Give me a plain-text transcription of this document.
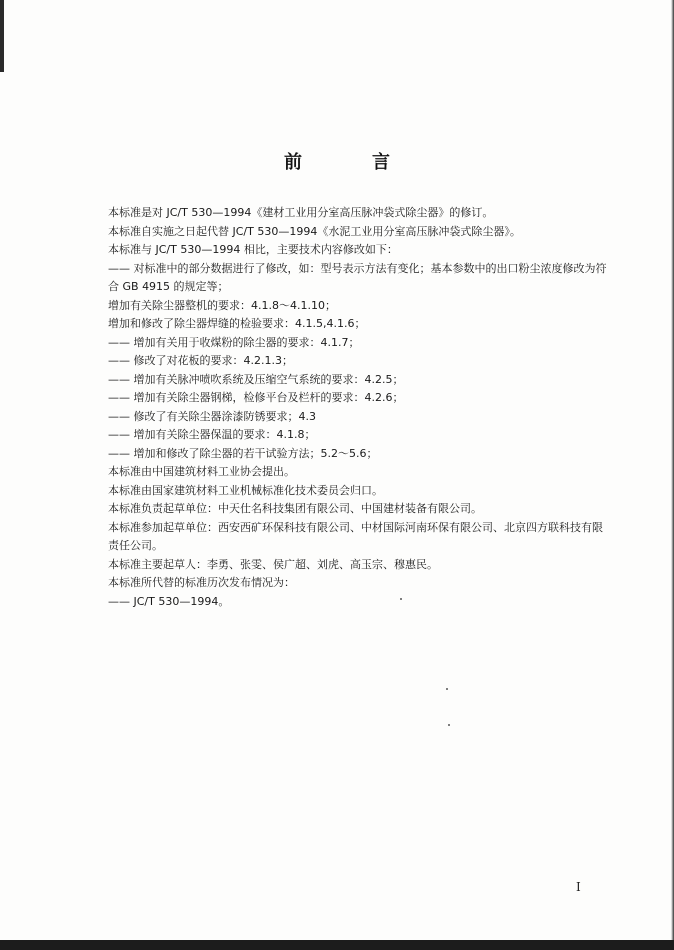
前　言

本标准是对 JC/T 530—1994《建材工业用分室高压脉冲袋式除尘器》的修订。

本标准自实施之日起代替 JC/T 530—1994《水泥工业用分室高压脉冲袋式除尘器》。

本标准与 JC/T 530—1994 相比，主要技术内容修改如下：

—— 对标准中的部分数据进行了修改，如：型号表示方法有变化；基本参数中的出口粉尘浓度修改为符合 GB 4915 的规定等；

增加有关除尘器整机的要求：4.1.8～4.1.10；

增加和修改了除尘器焊缝的检验要求：4.1.5,4.1.6；

—— 增加有关用于收煤粉的除尘器的要求：4.1.7；

—— 修改了对花板的要求：4.2.1.3；

—— 增加有关脉冲喷吹系统及压缩空气系统的要求：4.2.5；

—— 增加有关除尘器钢梯，检修平台及栏杆的要求：4.2.6；

—— 修改了有关除尘器涂漆防锈要求；4.3

—— 增加有关除尘器保温的要求：4.1.8；

—— 增加和修改了除尘器的若干试验方法；5.2～5.6；

本标准由中国建筑材料工业协会提出。

本标准由国家建筑材料工业机械标准化技术委员会归口。

本标准负责起草单位：中天仕名科技集团有限公司、中国建材装备有限公司。

本标准参加起草单位：西安西矿环保科技有限公司、中材国际河南环保有限公司、北京四方联科技有限责任公司。

本标准主要起草人：李勇、张雯、侯广超、刘虎、高玉宗、穆惠民。

本标准所代替的标准历次发布情况为：

—— JC/T 530—1994。

I
